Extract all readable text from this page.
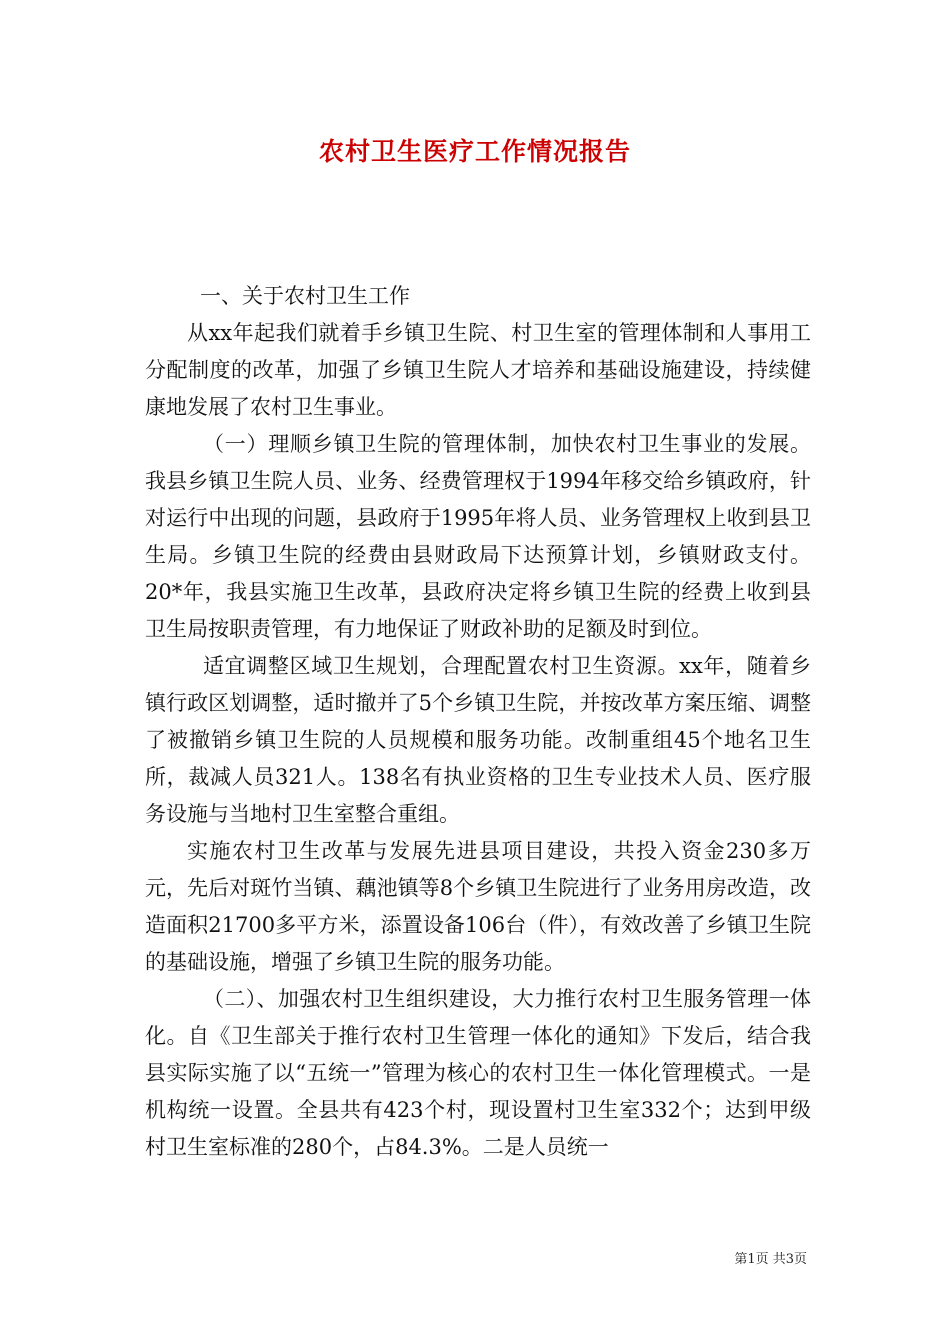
农村卫生医疗工作情况报告

一、关于农村卫生工作

从xx年起我们就着手乡镇卫生院、村卫生室的管理体制和人事用工分配制度的改革，加强了乡镇卫生院人才培养和基础设施建设，持续健康地发展了农村卫生事业。

（一）理顺乡镇卫生院的管理体制，加快农村卫生事业的发展。我县乡镇卫生院人员、业务、经费管理权于1994年移交给乡镇政府，针对运行中出现的问题，县政府于1995年将人员、业务管理权上收到县卫生局。乡镇卫生院的经费由县财政局下达预算计划，乡镇财政支付。20*年，我县实施卫生改革，县政府决定将乡镇卫生院的经费上收到县卫生局按职责管理，有力地保证了财政补助的足额及时到位。

适宜调整区域卫生规划，合理配置农村卫生资源。xx年，随着乡镇行政区划调整，适时撤并了5个乡镇卫生院，并按改革方案压缩、调整了被撤销乡镇卫生院的人员规模和服务功能。改制重组45个地名卫生所，裁减人员321人。138名有执业资格的卫生专业技术人员、医疗服务设施与当地村卫生室整合重组。

实施农村卫生改革与发展先进县项目建设，共投入资金230多万元，先后对斑竹当镇、藕池镇等8个乡镇卫生院进行了业务用房改造，改造面积21700多平方米，添置设备106台（件），有效改善了乡镇卫生院的基础设施，增强了乡镇卫生院的服务功能。

（二）、加强农村卫生组织建设，大力推行农村卫生服务管理一体化。自《卫生部关于推行农村卫生管理一体化的通知》下发后，结合我县实际实施了以“五统一”管理为核心的农村卫生一体化管理模式。一是机构统一设置。全县共有423个村，现设置村卫生室332个；达到甲级村卫生室标准的280个，占84.3%。二是人员统一

第1页 共3页
